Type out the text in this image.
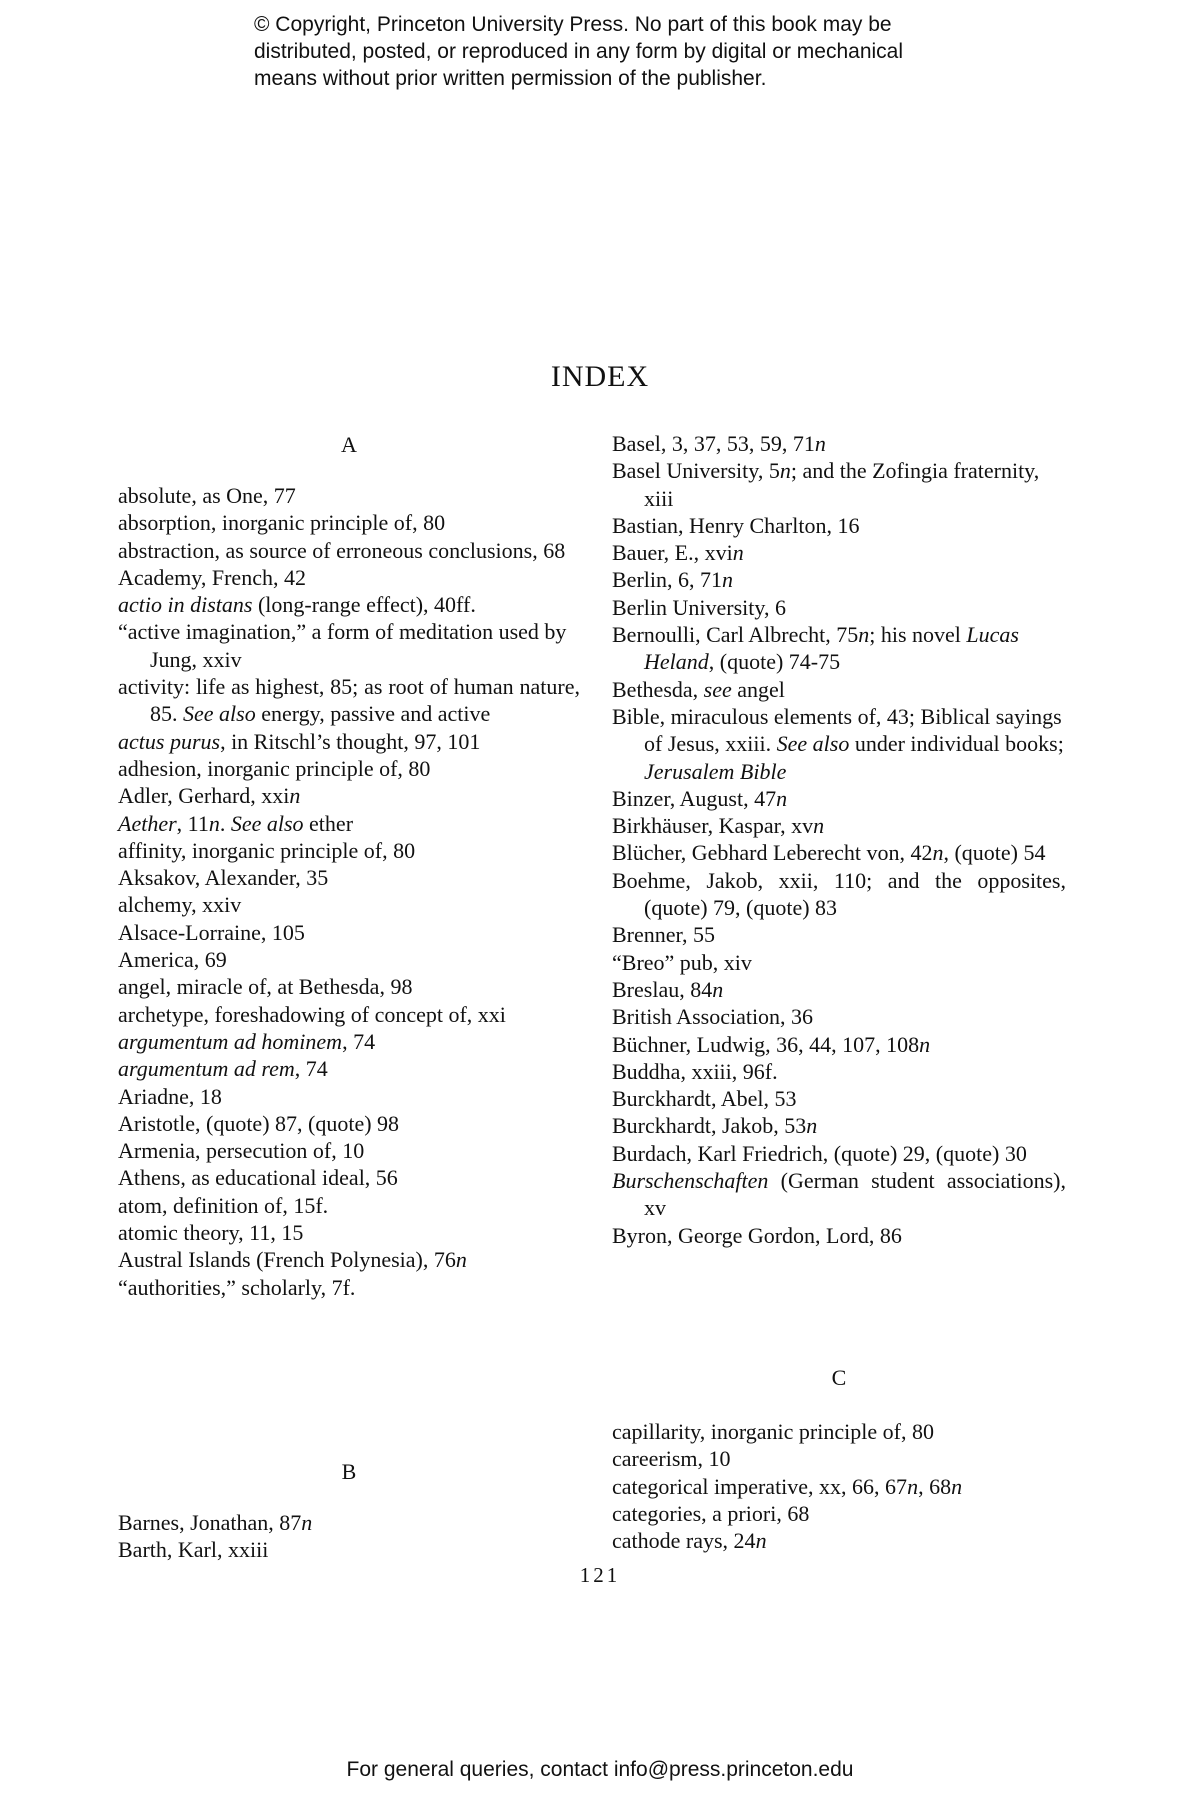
© Copyright, Princeton University Press. No part of this book may be
distributed, posted, or reproduced in any form by digital or mechanical
means without prior written permission of the publisher.
INDEX
A
absolute, as One, 77
absorption, inorganic principle of, 80
abstraction, as source of erroneous conclusions, 68
Academy, French, 42
actio in distans (long-range effect), 40ff.
“active imagination,” a form of meditation used by Jung, xxiv
activity: life as highest, 85; as root of human nature, 85. See also energy, passive and active
actus purus, in Ritschl’s thought, 97, 101
adhesion, inorganic principle of, 80
Adler, Gerhard, xxin
Aether, 11n. See also ether
affinity, inorganic principle of, 80
Aksakov, Alexander, 35
alchemy, xxiv
Alsace-Lorraine, 105
America, 69
angel, miracle of, at Bethesda, 98
archetype, foreshadowing of concept of, xxi
argumentum ad hominem, 74
argumentum ad rem, 74
Ariadne, 18
Aristotle, (quote) 87, (quote) 98
Armenia, persecution of, 10
Athens, as educational ideal, 56
atom, definition of, 15f.
atomic theory, 11, 15
Austral Islands (French Polynesia), 76n
“authorities,” scholarly, 7f.
B
Barnes, Jonathan, 87n
Barth, Karl, xxiii
Basel, 3, 37, 53, 59, 71n
Basel University, 5n; and the Zofingia fraternity, xiii
Bastian, Henry Charlton, 16
Bauer, E., xvin
Berlin, 6, 71n
Berlin University, 6
Bernoulli, Carl Albrecht, 75n; his novel Lucas Heland, (quote) 74-75
Bethesda, see angel
Bible, miraculous elements of, 43; Biblical sayings of Jesus, xxiii. See also under individual books; Jerusalem Bible
Binzer, August, 47n
Birkhäuser, Kaspar, xvn
Blücher, Gebhard Leberecht von, 42n, (quote) 54
Boehme, Jakob, xxii, 110; and the opposites, (quote) 79, (quote) 83
Brenner, 55
“Breo” pub, xiv
Breslau, 84n
British Association, 36
Büchner, Ludwig, 36, 44, 107, 108n
Buddha, xxiii, 96f.
Burckhardt, Abel, 53
Burckhardt, Jakob, 53n
Burdach, Karl Friedrich, (quote) 29, (quote) 30
Burschenschaften (German student associations), xv
Byron, George Gordon, Lord, 86
C
capillarity, inorganic principle of, 80
careerism, 10
categorical imperative, xx, 66, 67n, 68n
categories, a priori, 68
cathode rays, 24n
121
For general queries, contact info@press.princeton.edu
